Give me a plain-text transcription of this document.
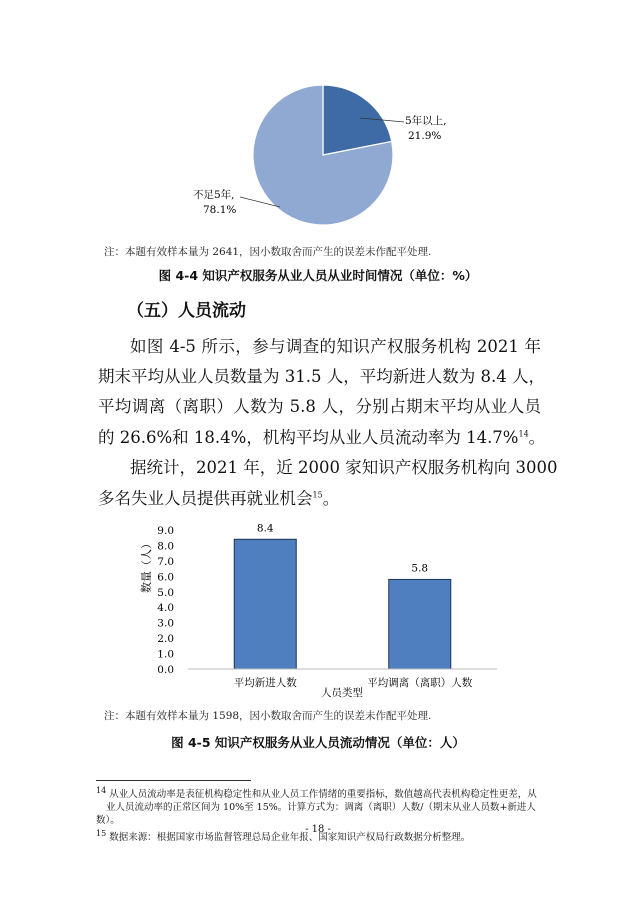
5年以上,
21.9%
不足5年,
78.1%
注：本题有效样本量为 2641，因小数取舍而产生的误差未作配平处理.
图 4-4 知识产权服务从业人员从业时间情况（单位：%）
（五）人员流动
如图 4-5 所示，参与调查的知识产权服务机构 2021 年
期末平均从业人员数量为 31.5 人，平均新进人数为 8.4 人，
平均调离（离职）人数为 5.8 人，分别占期末平均从业人员
的 26.6%和 18.4%，机构平均从业人员流动率为 14.7%$^{14}$。
据统计，2021 年，近 2000 家知识产权服务机构向 3000
多名失业人员提供再就业机会$^{15}$。
0.0
1.0
2.0
3.0
4.0
5.0
6.0
7.0
8.0
9.0	8.4
平均新进人数
5.8
平均调离（离职）人数
数量（人）
人员类型
注：本题有效样本量为 1598，因小数取舍而产生的误差未作配平处理.
图 4-5 知识产权服务从业人员流动情况（单位：人）
$^{14}$ 从业人员流动率是表征机构稳定性和从业人员工作情绪的重要指标，数值越高代表机构稳定性更差，从
业人员流动率的正常区间为 10%至 15%。计算方式为：调离（离职）人数/（期末从业人员数+新进人数）。
$^{15}$ 数据来源：根据国家市场监督管理总局企业年报、国家知识产权局行政数据分析整理。
- 18 -
